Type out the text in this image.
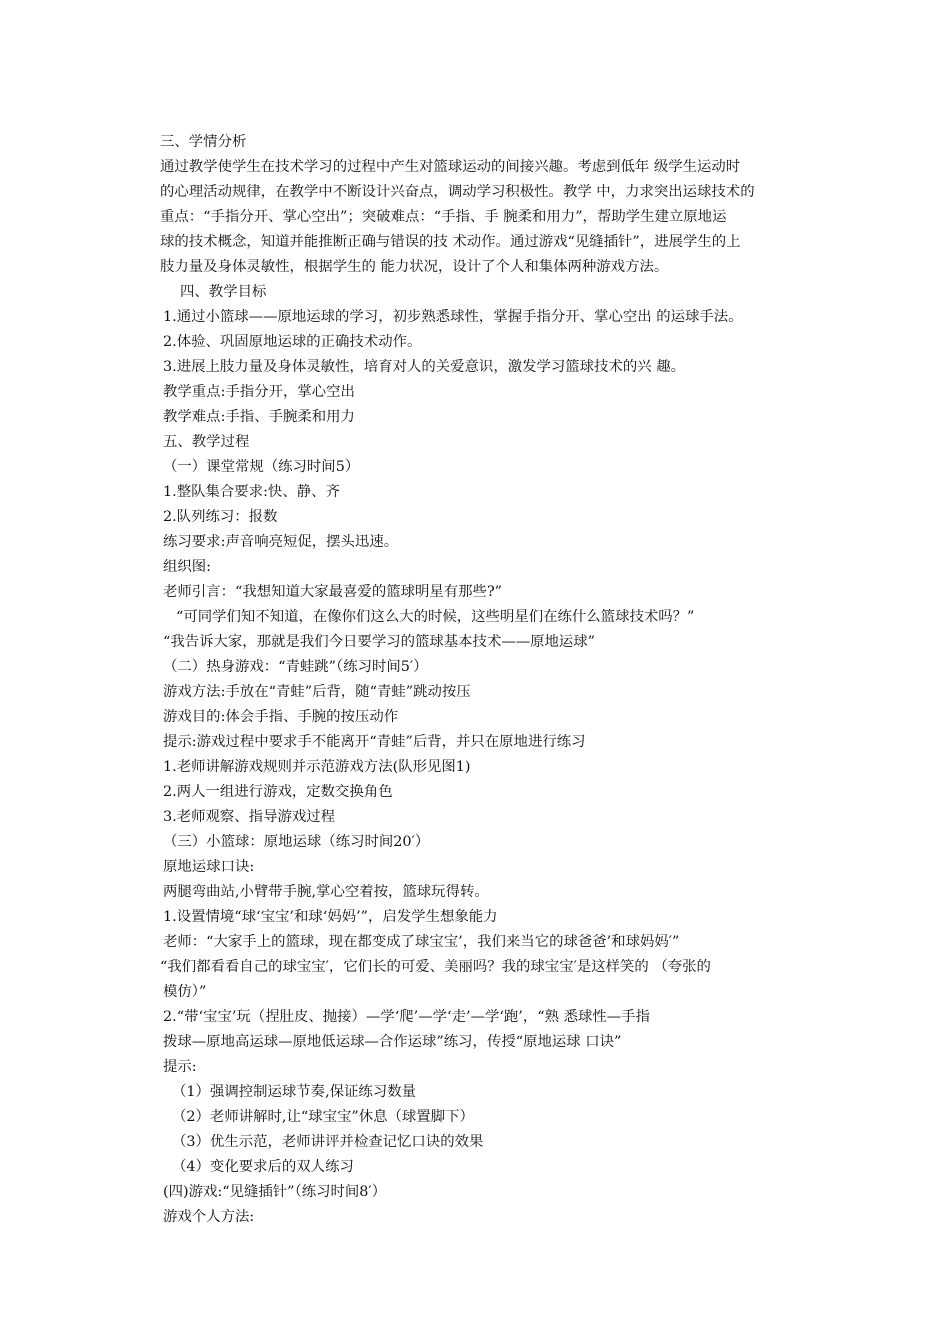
三、学情分析
通过教学使学生在技术学习的过程中产生对篮球运动的间接兴趣。考虑到低年 级学生运动时
的心理活动规律，在教学中不断设计兴奋点，调动学习积极性。教学 中，力求突出运球技术的
重点：“手指分开、掌心空出”；突破难点：“手指、手 腕柔和用力”，帮助学生建立原地运
球的技术概念，知道并能推断正确与错误的技 术动作。通过游戏“见缝插针”，进展学生的上
肢力量及身体灵敏性，根据学生的 能力状况，设计了个人和集体两种游戏方法。
四、教学目标
1.通过小篮球——原地运球的学习，初步熟悉球性，掌握手指分开、掌心空出 的运球手法。
2.体验、巩固原地运球的正确技术动作。
3.进展上肢力量及身体灵敏性，培育对人的关爱意识，激发学习篮球技术的兴 趣。
教学重点:手指分开，掌心空出
教学难点:手指、手腕柔和用力
五、教学过程
（一）课堂常规（练习时间5）
1.整队集合要求:快、静、齐
2.队列练习：报数
练习要求:声音响亮短促，摆头迅速。
组织图:
老师引言：“我想知道大家最喜爱的篮球明星有那些?”
“可同学们知不知道，在像你们这么大的时候，这些明星们在练什么篮球技术吗？”
“我告诉大家，那就是我们今日要学习的篮球基本技术——原地运球”
（二）热身游戏：“青蛙跳”（练习时间5′）
游戏方法:手放在“青蛙”后背，随“青蛙”跳动按压
游戏目的:体会手指、手腕的按压动作
提示:游戏过程中要求手不能离开“青蛙”后背，并只在原地进行练习
1.老师讲解游戏规则并示范游戏方法(队形见图1)
2.两人一组进行游戏，定数交换角色
3.老师观察、指导游戏过程
（三）小篮球：原地运球（练习时间20′）
原地运球口诀:
两腿弯曲站,小臂带手腕,掌心空着按，篮球玩得转。
1.设置情境“球‘宝宝’和球‘妈妈’”，启发学生想象能力
老师：“大家手上的篮球，现在都变成了球宝宝’，我们来当它的球爸爸’和球妈妈′”
“我们都看看自己的球宝宝′，它们长的可爱、美丽吗？我的球宝宝′是这样笑的 （夸张的
模仿）”
2.“带‘宝宝’玩（捏肚皮、抛接）—学‘爬’—学‘走’—学‘跑’，“熟 悉球性—手指
拨球—原地高运球—原地低运球—合作运球”练习，传授“原地运球 口诀”
提示:
（1）强调控制运球节奏,保证练习数量
（2）老师讲解时,让“球宝宝”休息（球置脚下）
（3）优生示范，老师讲评并检查记忆口诀的效果
（4）变化要求后的双人练习
(四)游戏:“见缝插针”（练习时间8′）
游戏个人方法:
